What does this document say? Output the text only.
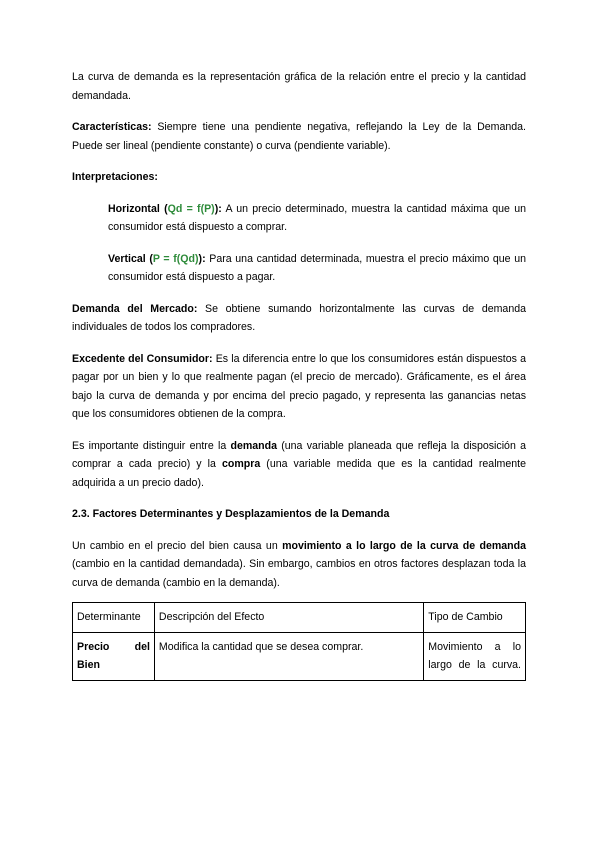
La curva de demanda es la representación gráfica de la relación entre el precio y la cantidad demandada.

Características: Siempre tiene una pendiente negativa, reflejando la Ley de la Demanda. Puede ser lineal (pendiente constante) o curva (pendiente variable).

Interpretaciones:

Horizontal (Qd = f(P)): A un precio determinado, muestra la cantidad máxima que un consumidor está dispuesto a comprar.

Vertical (P = f(Qd)): Para una cantidad determinada, muestra el precio máximo que un consumidor está dispuesto a pagar.

Demanda del Mercado: Se obtiene sumando horizontalmente las curvas de demanda individuales de todos los compradores.

Excedente del Consumidor: Es la diferencia entre lo que los consumidores están dispuestos a pagar por un bien y lo que realmente pagan (el precio de mercado). Gráficamente, es el área bajo la curva de demanda y por encima del precio pagado, y representa las ganancias netas que los consumidores obtienen de la compra.

Es importante distinguir entre la demanda (una variable planeada que refleja la disposición a comprar a cada precio) y la compra (una variable medida que es la cantidad realmente adquirida a un precio dado).

2.3. Factores Determinantes y Desplazamientos de la Demanda

Un cambio en el precio del bien causa un movimiento a lo largo de la curva de demanda (cambio en la cantidad demandada). Sin embargo, cambios en otros factores desplazan toda la curva de demanda (cambio en la demanda).

Determinante	Descripción del Efecto	Tipo de Cambio
Precio del Bien	Modifica la cantidad que se desea comprar.	Movimiento a lo largo de la curva.
